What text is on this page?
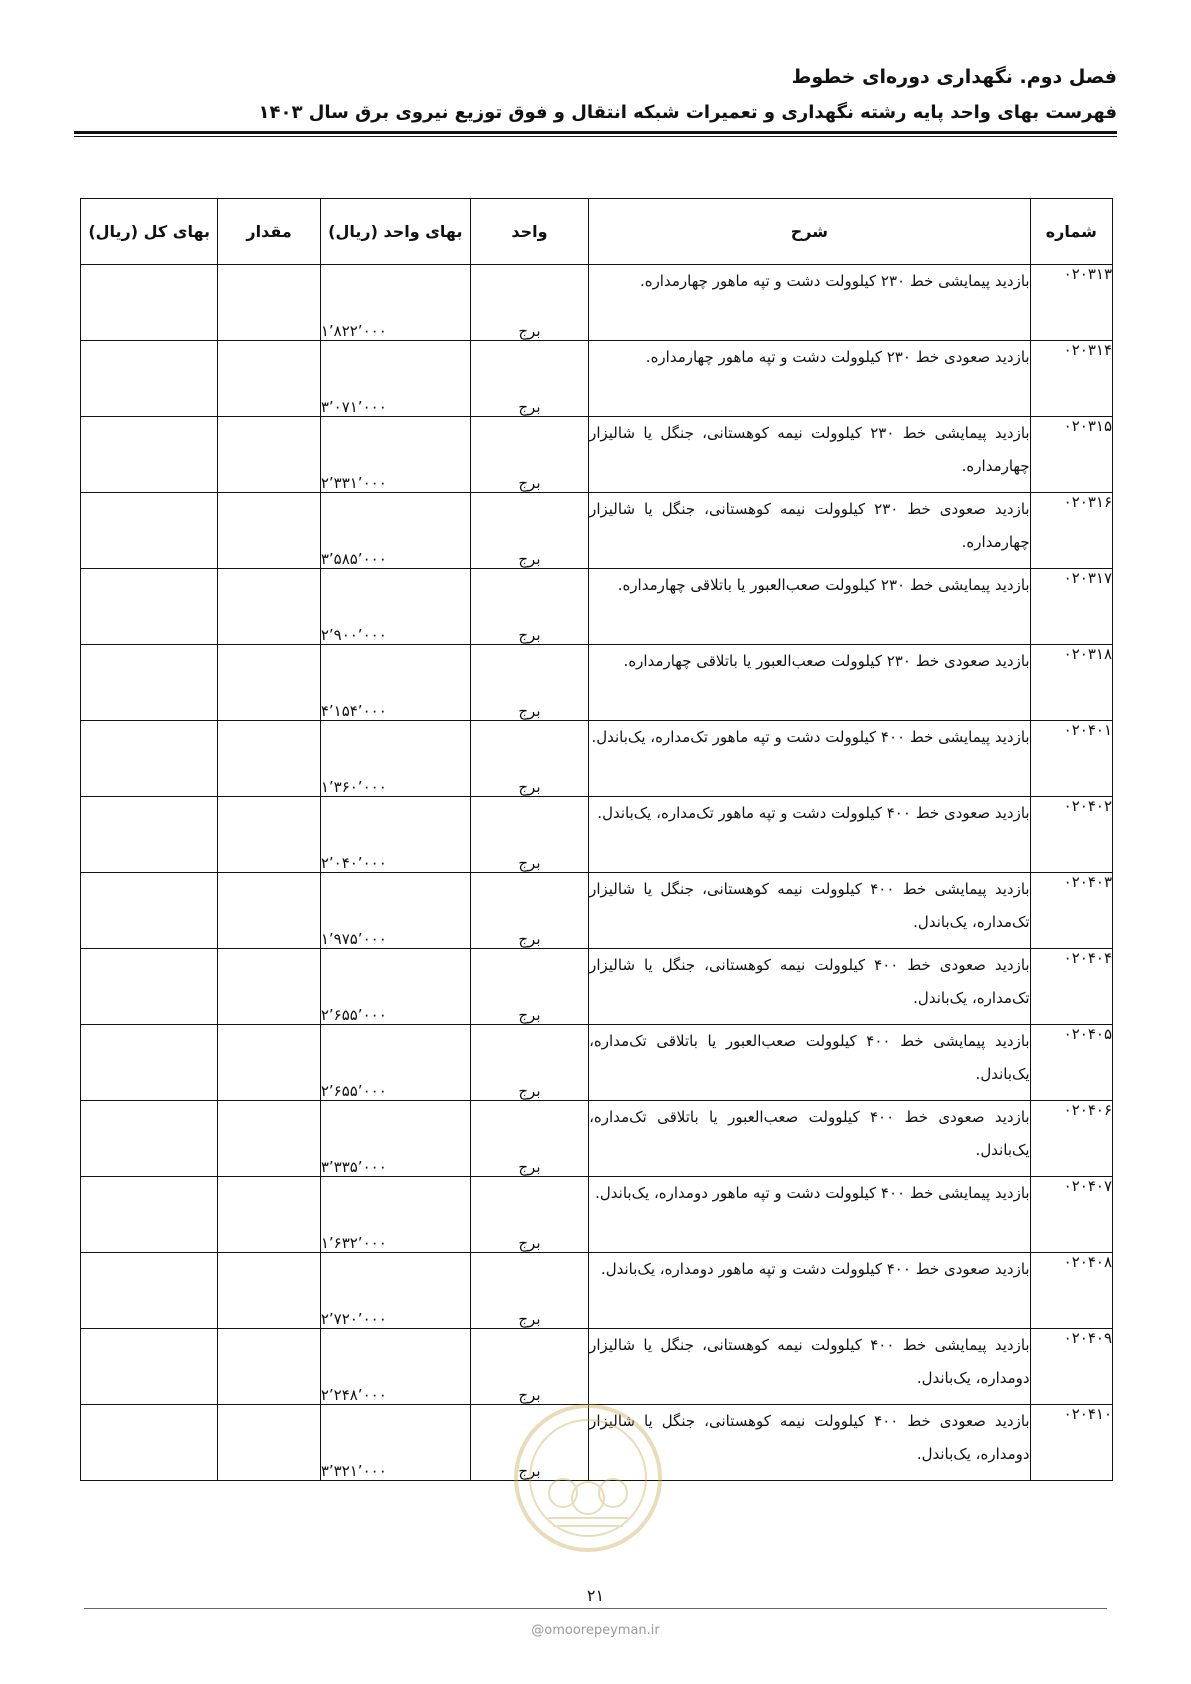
فصل دوم. نگهداری دوره‌ای خطوط
فهرست بهای واحد پایه رشته نگهداری و تعمیرات شبکه انتقال و فوق توزیع نیروی برق سال ۱۴۰۳
شماره	شرح	واحد	بهای واحد (ریال)	مقدار	بهای کل (ریال)
۰۲۰۳۱۳	بازدید پیمایشی خط ۲۳۰ کیلوولت دشت و تپه ماهور چهارمداره.	برج	۱٬۸۲۲٬۰۰۰		
۰۲۰۳۱۴	بازدید صعودی خط ۲۳۰ کیلوولت دشت و تپه ماهور چهارمداره.	برج	۳٬۰۷۱٬۰۰۰		
۰۲۰۳۱۵	بازدید پیمایشی خط ۲۳۰ کیلوولت نیمه کوهستانی، جنگل یا شالیزار چهارمداره.	برج	۲٬۳۳۱٬۰۰۰		
۰۲۰۳۱۶	بازدید صعودی خط ۲۳۰ کیلوولت نیمه کوهستانی، جنگل یا شالیزار چهارمداره.	برج	۳٬۵۸۵٬۰۰۰		
۰۲۰۳۱۷	بازدید پیمایشی خط ۲۳۰ کیلوولت صعب‌العبور یا باتلاقی چهارمداره.	برج	۲٬۹۰۰٬۰۰۰		
۰۲۰۳۱۸	بازدید صعودی خط ۲۳۰ کیلوولت صعب‌العبور یا باتلاقی چهارمداره.	برج	۴٬۱۵۴٬۰۰۰		
۰۲۰۴۰۱	بازدید پیمایشی خط ۴۰۰ کیلوولت دشت و تپه ماهور تک‌مداره، یک‌باندل.	برج	۱٬۳۶۰٬۰۰۰		
۰۲۰۴۰۲	بازدید صعودی خط ۴۰۰ کیلوولت دشت و تپه ماهور تک‌مداره، یک‌باندل.	برج	۲٬۰۴۰٬۰۰۰		
۰۲۰۴۰۳	بازدید پیمایشی خط ۴۰۰ کیلوولت نیمه کوهستانی، جنگل یا شالیزار تک‌مداره، یک‌باندل.	برج	۱٬۹۷۵٬۰۰۰		
۰۲۰۴۰۴	بازدید صعودی خط ۴۰۰ کیلوولت نیمه کوهستانی، جنگل یا شالیزار تک‌مداره، یک‌باندل.	برج	۲٬۶۵۵٬۰۰۰		
۰۲۰۴۰۵	بازدید پیمایشی خط ۴۰۰ کیلوولت صعب‌العبور یا باتلاقی تک‌مداره، یک‌باندل.	برج	۲٬۶۵۵٬۰۰۰		
۰۲۰۴۰۶	بازدید صعودی خط ۴۰۰ کیلوولت صعب‌العبور یا باتلاقی تک‌مداره، یک‌باندل.	برج	۳٬۳۳۵٬۰۰۰		
۰۲۰۴۰۷	بازدید پیمایشی خط ۴۰۰ کیلوولت دشت و تپه ماهور دومداره، یک‌باندل.	برج	۱٬۶۳۲٬۰۰۰		
۰۲۰۴۰۸	بازدید صعودی خط ۴۰۰ کیلوولت دشت و تپه ماهور دومداره، یک‌باندل.	برج	۲٬۷۲۰٬۰۰۰		
۰۲۰۴۰۹	بازدید پیمایشی خط ۴۰۰ کیلوولت نیمه کوهستانی، جنگل یا شالیزار دومداره، یک‌باندل.	برج	۲٬۲۴۸٬۰۰۰		
۰۲۰۴۱۰	بازدید صعودی خط ۴۰۰ کیلوولت نیمه کوهستانی، جنگل یا شالیزار دومداره، یک‌باندل.	برج	۳٬۳۲۱٬۰۰۰		
۲۱
@omoorepeyman.ir
